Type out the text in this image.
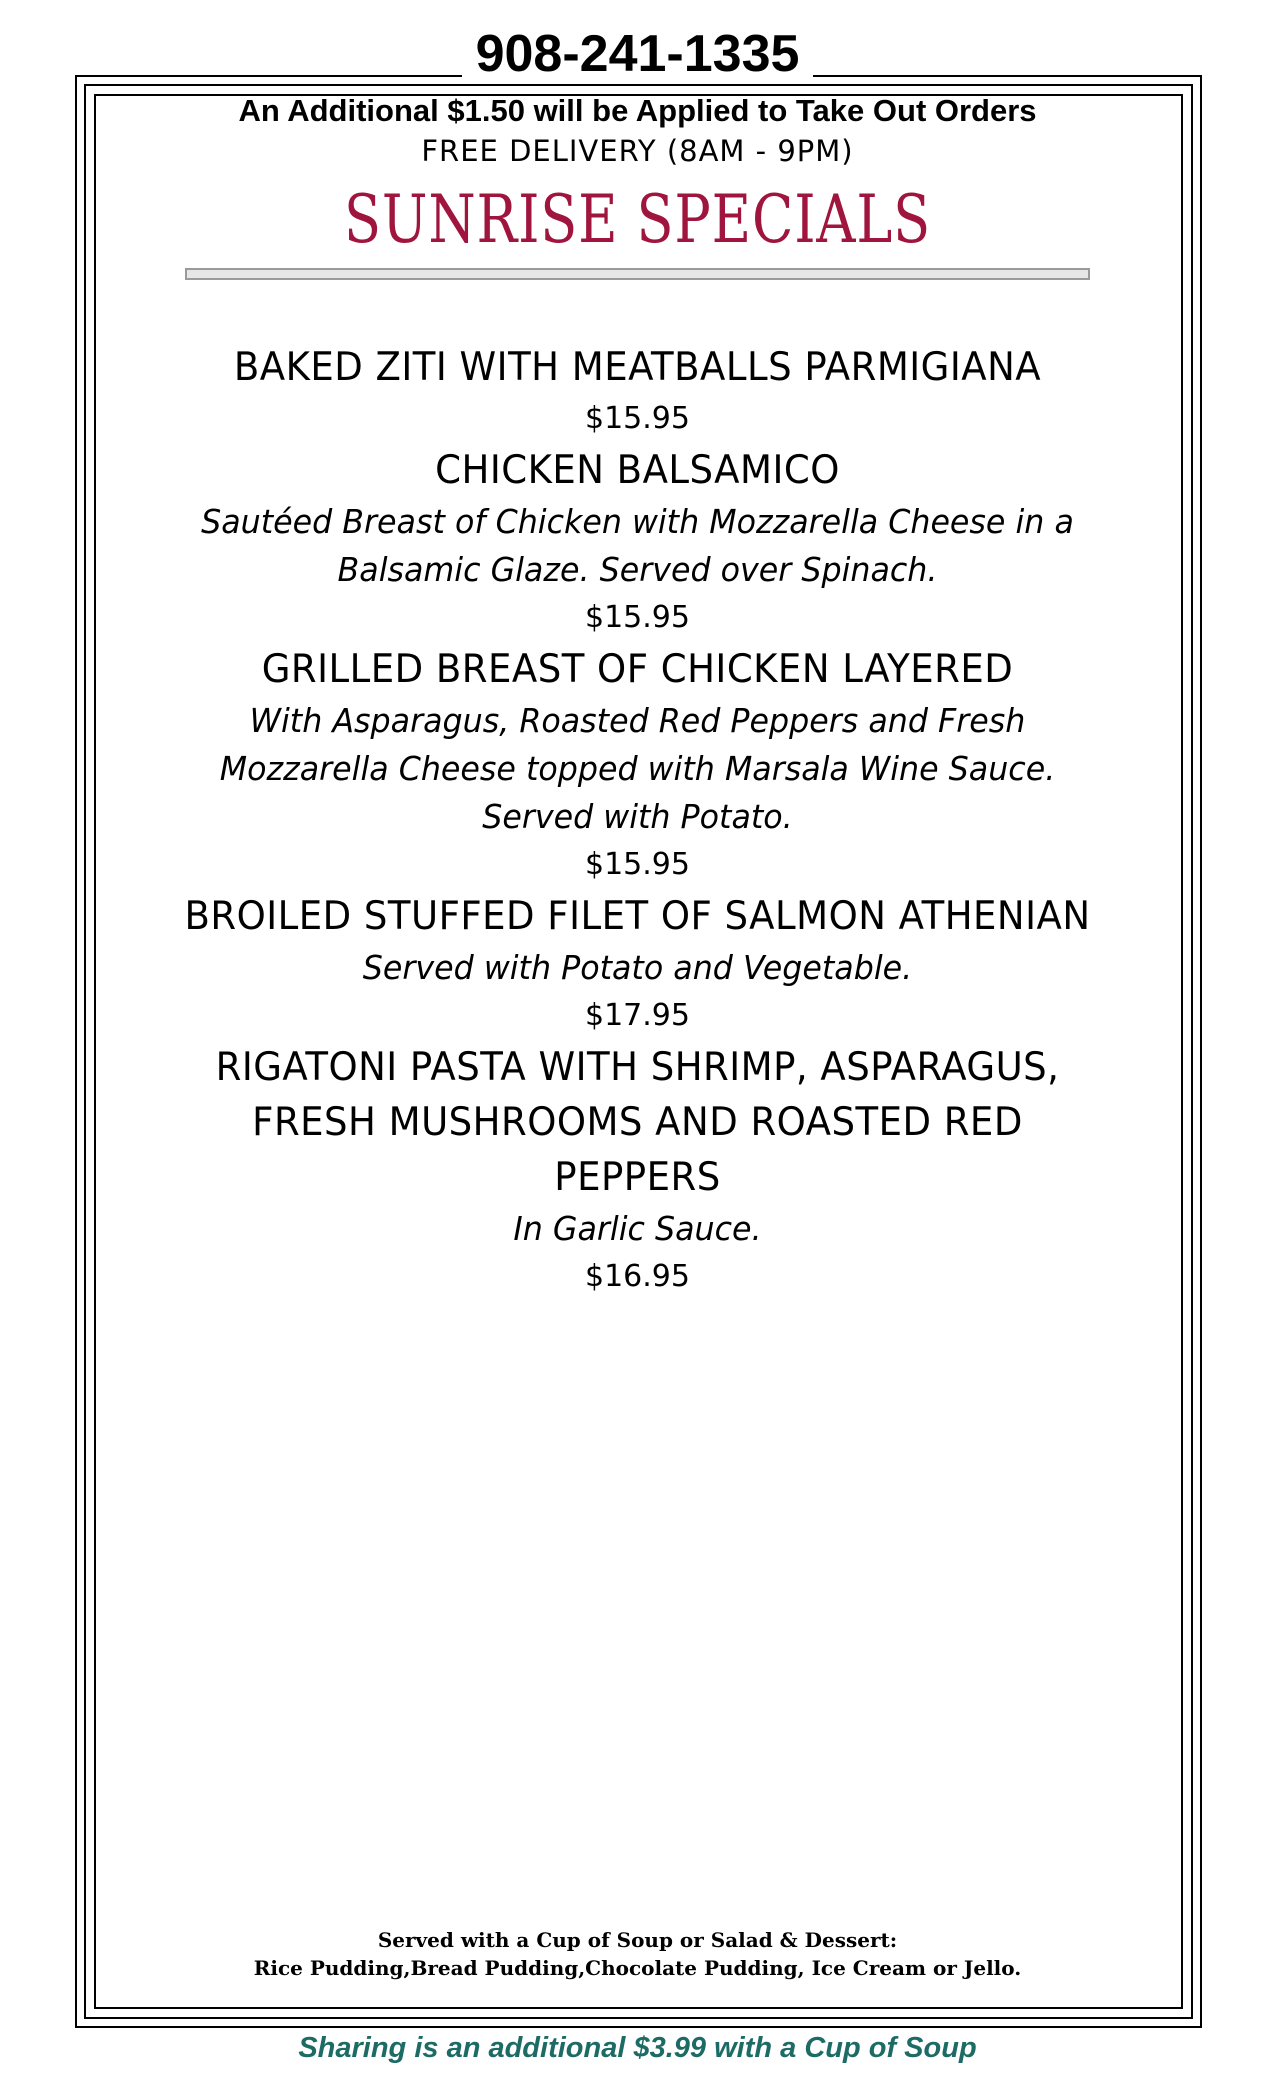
908-241-1335
An Additional $1.50 will be Applied to Take Out Orders
FREE DELIVERY (8AM - 9PM)
SUNRISE SPECIALS
BAKED ZITI WITH MEATBALLS PARMIGIANA
$15.95
CHICKEN BALSAMICO
Sautéed Breast of Chicken with Mozzarella Cheese in a Balsamic Glaze. Served over Spinach.
$15.95
GRILLED BREAST OF CHICKEN LAYERED
With Asparagus, Roasted Red Peppers and Fresh Mozzarella Cheese topped with Marsala Wine Sauce. Served with Potato.
$15.95
BROILED STUFFED FILET OF SALMON ATHENIAN
Served with Potato and Vegetable.
$17.95
RIGATONI PASTA WITH SHRIMP, ASPARAGUS, FRESH MUSHROOMS AND ROASTED RED PEPPERS
In Garlic Sauce.
$16.95
Served with a Cup of Soup or Salad & Dessert:
Rice Pudding,Bread Pudding,Chocolate Pudding, Ice Cream or Jello.
Sharing is an additional $3.99 with a Cup of Soup
